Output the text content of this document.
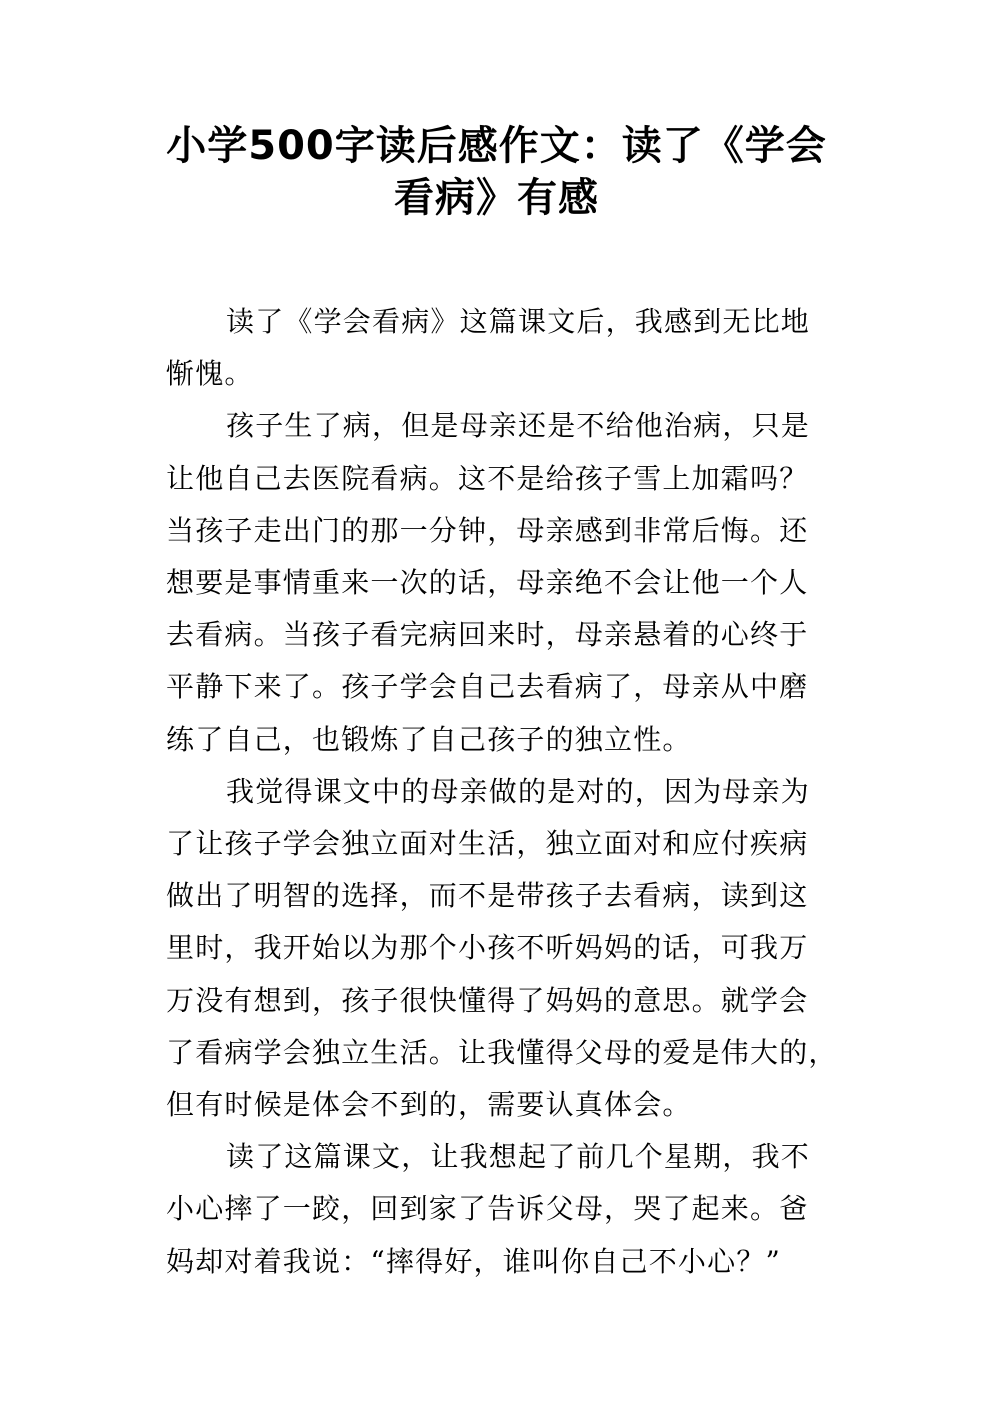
小学500字读后感作文：读了《学会
看病》有感
读了《学会看病》这篇课文后，我感到无比地
惭愧。
孩子生了病，但是母亲还是不给他治病，只是
让他自己去医院看病。这不是给孩子雪上加霜吗？
当孩子走出门的那一分钟，母亲感到非常后悔。还
想要是事情重来一次的话，母亲绝不会让他一个人
去看病。当孩子看完病回来时，母亲悬着的心终于
平静下来了。孩子学会自己去看病了，母亲从中磨
练了自己，也锻炼了自己孩子的独立性。
我觉得课文中的母亲做的是对的，因为母亲为
了让孩子学会独立面对生活，独立面对和应付疾病
做出了明智的选择，而不是带孩子去看病，读到这
里时，我开始以为那个小孩不听妈妈的话，可我万
万没有想到，孩子很快懂得了妈妈的意思。就学会
了看病学会独立生活。让我懂得父母的爱是伟大的，
但有时候是体会不到的，需要认真体会。
读了这篇课文，让我想起了前几个星期，我不
小心摔了一跤，回到家了告诉父母，哭了起来。爸
妈却对着我说：“摔得好，谁叫你自己不小心？”
